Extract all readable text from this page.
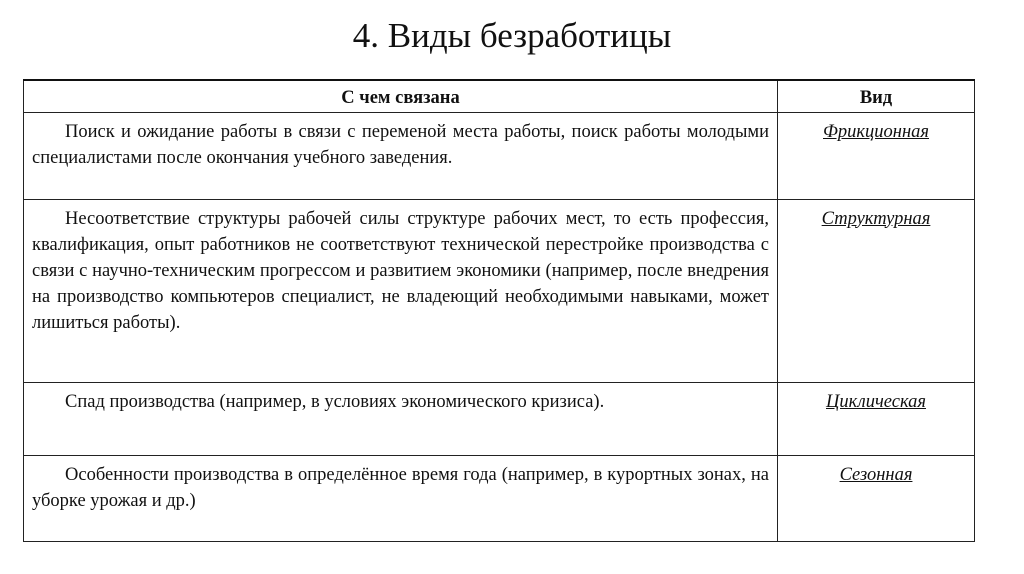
4. Виды безработицы
С чем связана	Вид
Поиск и ожидание работы в связи с переменой места работы, поиск работы молодыми специалистами после окончания учебного заведения.	Фрикционная
Несоответствие структуры рабочей силы структуре рабочих мест, то есть профессия, квалификация, опыт работников не соответствуют технической перестройке производства с связи с научно-техническим прогрессом и развитием экономики (например, после внедрения на производство компьютеров специалист, не владеющий необходимыми навыками, может лишиться работы).	Структурная
Спад производства (например, в условиях экономического кризиса).	Циклическая
Особенности производства в определённое время года (например, в курортных зонах, на уборке урожая и др.)	Сезонная
